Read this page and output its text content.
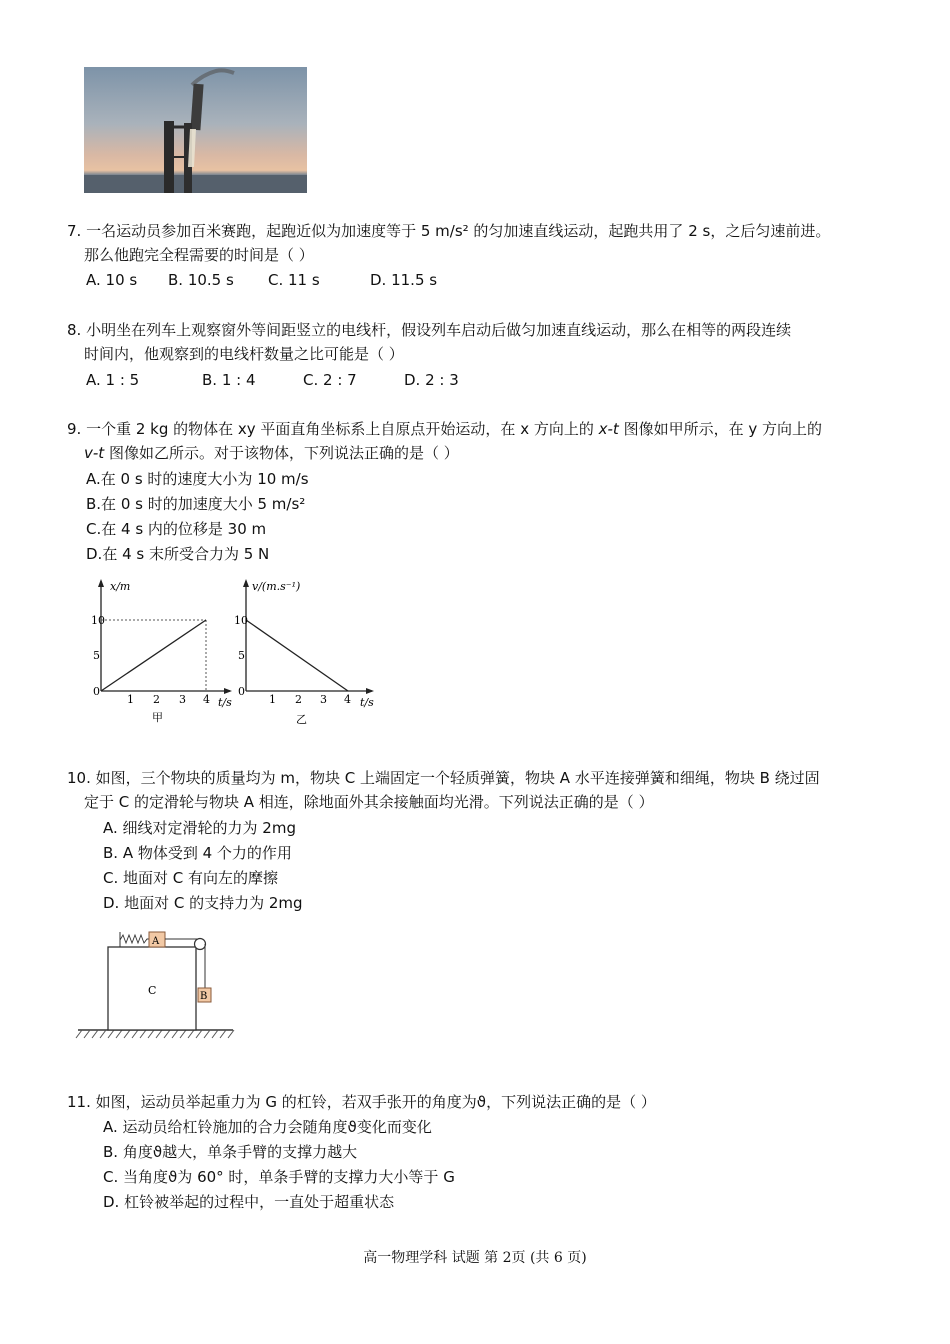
7. 一名运动员参加百米赛跑，起跑近似为加速度等于 5 m/s² 的匀加速直线运动，起跑共用了 2 s，之后匀速前进。
那么他跑完全程需要的时间是（ ）
A. 10 s B. 10.5 s C. 11 s	D. 11.5 s
8. 小明坐在列车上观察窗外等间距竖立的电线杆，假设列车启动后做匀加速直线运动，那么在相等的两段连续
时间内，他观察到的电线杆数量之比可能是（ ）
A. 1 : 5	B. 1 : 4	C. 2 : 7	D. 2 : 3
9. 一个重 2 kg 的物体在 xy 平面直角坐标系上自原点开始运动，在 x 方向上的 x-t 图像如甲所示，在 y 方向上的
v-t 图像如乙所示。对于该物体，下列说法正确的是（ ）
A.在 0 s 时的速度大小为 10 m/s
B.在 0 s 时的加速度大小 5 m/s²
C.在 4 s 内的位移是 30 m
D.在 4 s 末所受合力为 5 N
x/m
t/s
10
5
0
1 2 3 4
甲
v/(m.s⁻¹)
t/s
10
5
0
1 2 3 4
乙
10. 如图，三个物块的质量均为 m，物块 C 上端固定一个轻质弹簧，物块 A 水平连接弹簧和细绳，物块 B 绕过固
定于 C 的定滑轮与物块 A 相连，除地面外其余接触面均光滑。下列说法正确的是（ ）
A. 细线对定滑轮的力为 2mg
B. A 物体受到 4 个力的作用
C. 地面对 C 有向左的摩擦
D. 地面对 C 的支持力为 2mg
C
A
B
11. 如图，运动员举起重力为 G 的杠铃，若双手张开的角度为ϑ，下列说法正确的是（ ）
A. 运动员给杠铃施加的合力会随角度ϑ变化而变化
B. 角度ϑ越大，单条手臂的支撑力越大
C. 当角度ϑ为 60° 时，单条手臂的支撑力大小等于 G
D. 杠铃被举起的过程中，一直处于超重状态
高一物理学科 试题 第 2页 (共 6 页)
